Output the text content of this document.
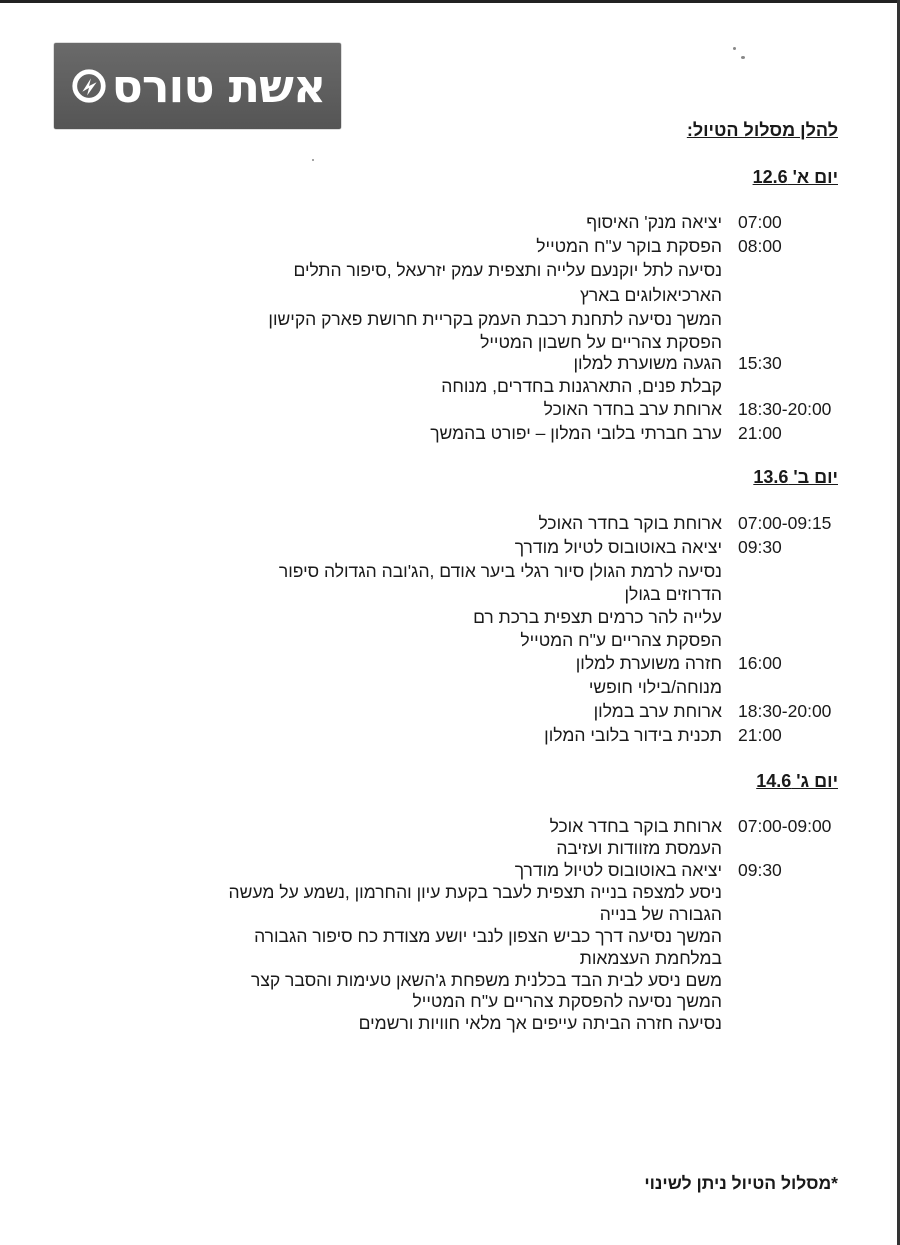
אשת טורס
להלן מסלול הטיול:
יום א' 12.6
07:00
יציאה מנק' האיסוף
08:00
הפסקת בוקר ע"ח המטייל
נסיעה לתל יוקנעם עלייה ותצפית עמק יזרעאל ,סיפור התלים
הארכיאולוגים בארץ
המשך נסיעה לתחנת רכבת העמק בקריית חרושת פארק הקישון
הפסקת צהריים על חשבון המטייל
15:30
הגעה משוערת למלון
קבלת פנים, התארגנות בחדרים, מנוחה
18:30-20:00
ארוחת ערב בחדר האוכל
21:00
ערב חברתי בלובי המלון – יפורט בהמשך
יום ב' 13.6
07:00-09:15
ארוחת בוקר בחדר האוכל
09:30
יציאה באוטובוס לטיול מודרך
נסיעה לרמת הגולן סיור רגלי ביער אודם ,הג'ובה הגדולה סיפור
הדרוזים בגולן
עלייה להר כרמים תצפית ברכת רם
הפסקת צהריים ע"ח המטייל
16:00
חזרה משוערת למלון
מנוחה/בילוי חופשי
18:30-20:00
ארוחת ערב במלון
21:00
תכנית בידור בלובי המלון
יום ג' 14.6
07:00-09:00
ארוחת בוקר בחדר אוכל
העמסת מזוודות ועזיבה
09:30
יציאה באוטובוס לטיול מודרך
ניסע למצפה בנייה תצפית לעבר בקעת עיון והחרמון ,נשמע על מעשה
הגבורה של בנייה
המשך נסיעה דרך כביש הצפון לנבי יושע מצודת כח סיפור הגבורה
במלחמת העצמאות
משם ניסע לבית הבד בכלנית משפחת ג'השאן טעימות והסבר קצר
המשך נסיעה להפסקת צהריים ע"ח המטייל
נסיעה חזרה הביתה עייפים אך מלאי חוויות ורשמים
*מסלול הטיול ניתן לשינוי
